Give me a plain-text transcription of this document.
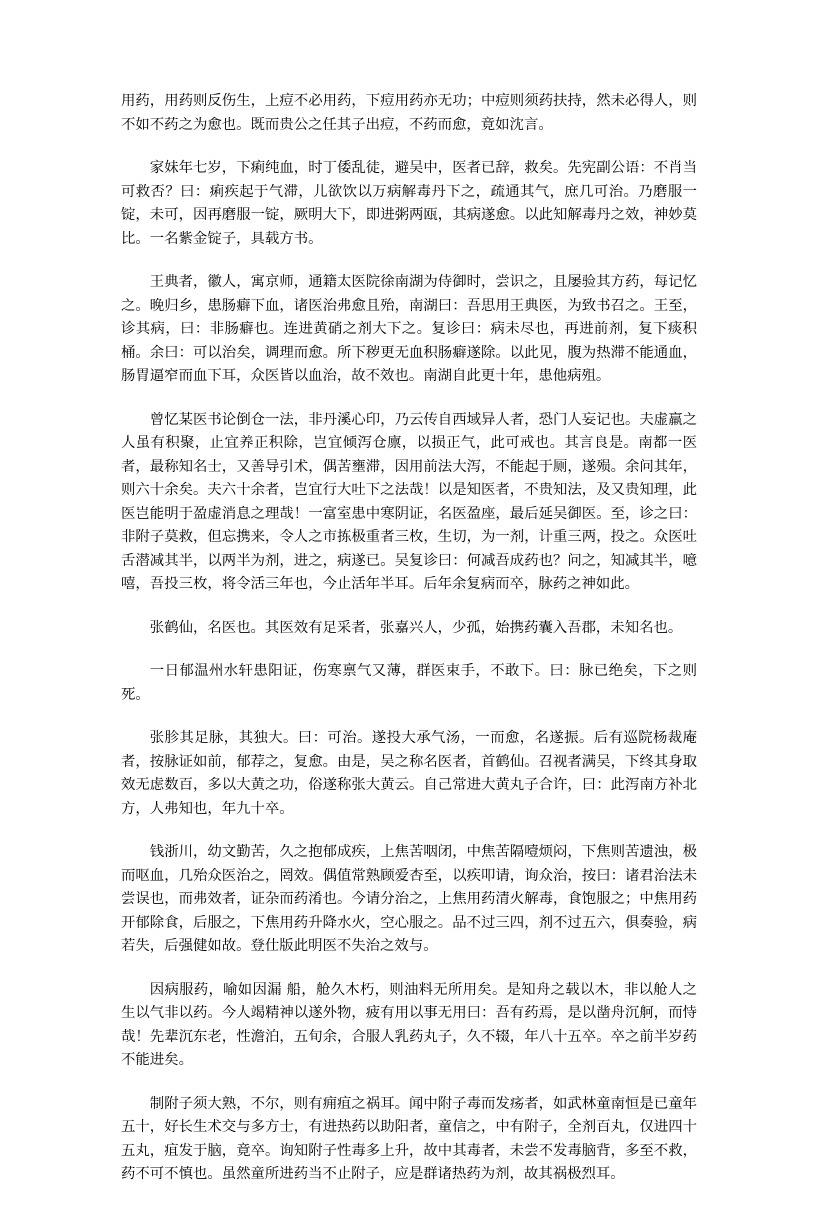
用药，用药则反伤生，上痘不必用药，下痘用药亦无功；中痘则须药扶持，然未必得人，则不如不药之为愈也。既而贵公之任其子出痘，不药而愈，竟如沈言。

家妹年七岁，下痢纯血，时丁倭乱徒，避吴中，医者已辞，救矣。先宪副公语：不肖当可救否？曰：痢疾起于气滞，儿欲饮以万病解毒丹下之，疏通其气，庶几可治。乃磨服一锭，未可，因再磨服一锭，厥明大下，即进粥两瓯，其病遂愈。以此知解毒丹之效，神妙莫比。一名紫金锭子，具载方书。

王典者，徽人，寓京师，通籍太医院徐南湖为侍御时，尝识之，且屡验其方药，每记忆之。晚归乡，患肠癖下血，诸医治弗愈且殆，南湖曰：吾思用王典医，为致书召之。王至，诊其病，曰：非肠癖也。连进黄硝之剂大下之。复诊曰：病未尽也，再进前剂，复下痰积桶。余曰：可以治矣，调理而愈。所下秽更无血积肠癖遂除。以此见，腹为热滞不能通血，肠胃逼窄而血下耳，众医皆以血治，故不效也。南湖自此更十年，患他病殂。

曾忆某医书论倒仓一法，非丹溪心印，乃云传自西域异人者，恐门人妄记也。夫虚羸之人虽有积聚，止宜养正积除，岂宜倾泻仓廪，以损正气，此可戒也。其言良是。南都一医者，最称知名士，又善导引术，偶苦壅滞，因用前法大泻，不能起于厕，遂殒。余问其年，则六十余矣。夫六十余者，岂宜行大吐下之法哉！以是知医者，不贵知法，及又贵知理，此医岂能明于盈虚消息之理哉！一富室患中寒阴证，名医盈座，最后延吴御医。至，诊之曰：非附子莫救，但忘携来，令人之市拣极重者三枚，生切，为一剂，计重三两，投之。众医吐舌潜减其半，以两半为剂，进之，病遂已。吴复诊曰：何减吾成药也？问之，知减其半，噫嘻，吾投三枚，将令活三年也，今止活年半耳。后年余复病而卒，脉药之神如此。

张鹤仙，名医也。其医效有足采者，张嘉兴人，少孤，始携药囊入吾郡，未知名也。

一日郁温州水轩患阳证，伤寒禀气又薄，群医束手，不敢下。曰：脉已绝矣，下之则死。

张胗其足脉，其独大。曰：可治。遂投大承气汤，一而愈，名遂振。后有巡院杨裁庵者，按脉证如前，郁荐之，复愈。由是，吴之称名医者，首鹤仙。召视者满吴，下终其身取效无虑数百，多以大黄之功，俗遂称张大黄云。自己常进大黄丸子合许，曰：此泻南方补北方，人弗知也，年九十卒。

钱浙川，幼文勤苦，久之抱郁成疾，上焦苦咽闭，中焦苦隔噎烦闷，下焦则苦遗浊，极而呕血，几殆众医治之，罔效。偶值常熟顾爱杏至，以疾叩请，询众治，按曰：诸君治法未尝误也，而弗效者，证杂而药淆也。今请分治之，上焦用药清火解毒，食饱服之；中焦用药开郁除食，后服之，下焦用药升降水火，空心服之。品不过三四，剂不过五六，俱奏验，病若失，后强健如故。登仕版此明医不失治之效与。

因病服药，喻如因漏 船，舱久木朽，则油料无所用矣。是知舟之载以木，非以舱人之生以气非以药。今人竭精神以遂外物，疲有用以事无用曰：吾有药焉，是以凿舟沉舸，而恃哉！先辈沉东老，性澹泊，五旬余，合服人乳药丸子，久不辍，年八十五卒。卒之前半岁药不能进矣。

制附子须大熟，不尔，则有痈疽之祸耳。闻中附子毒而发疡者，如武林童南恒是已童年五十，好长生术交与多方士，有进热药以助阳者，童信之，中有附子，全剂百丸，仅进四十五丸，疽发于脑，竟卒。询知附子性毒多上升，故中其毒者，未尝不发毒脑背，多至不救，药不可不慎也。虽然童所进药当不止附子，应是群诸热药为剂，故其祸极烈耳。
